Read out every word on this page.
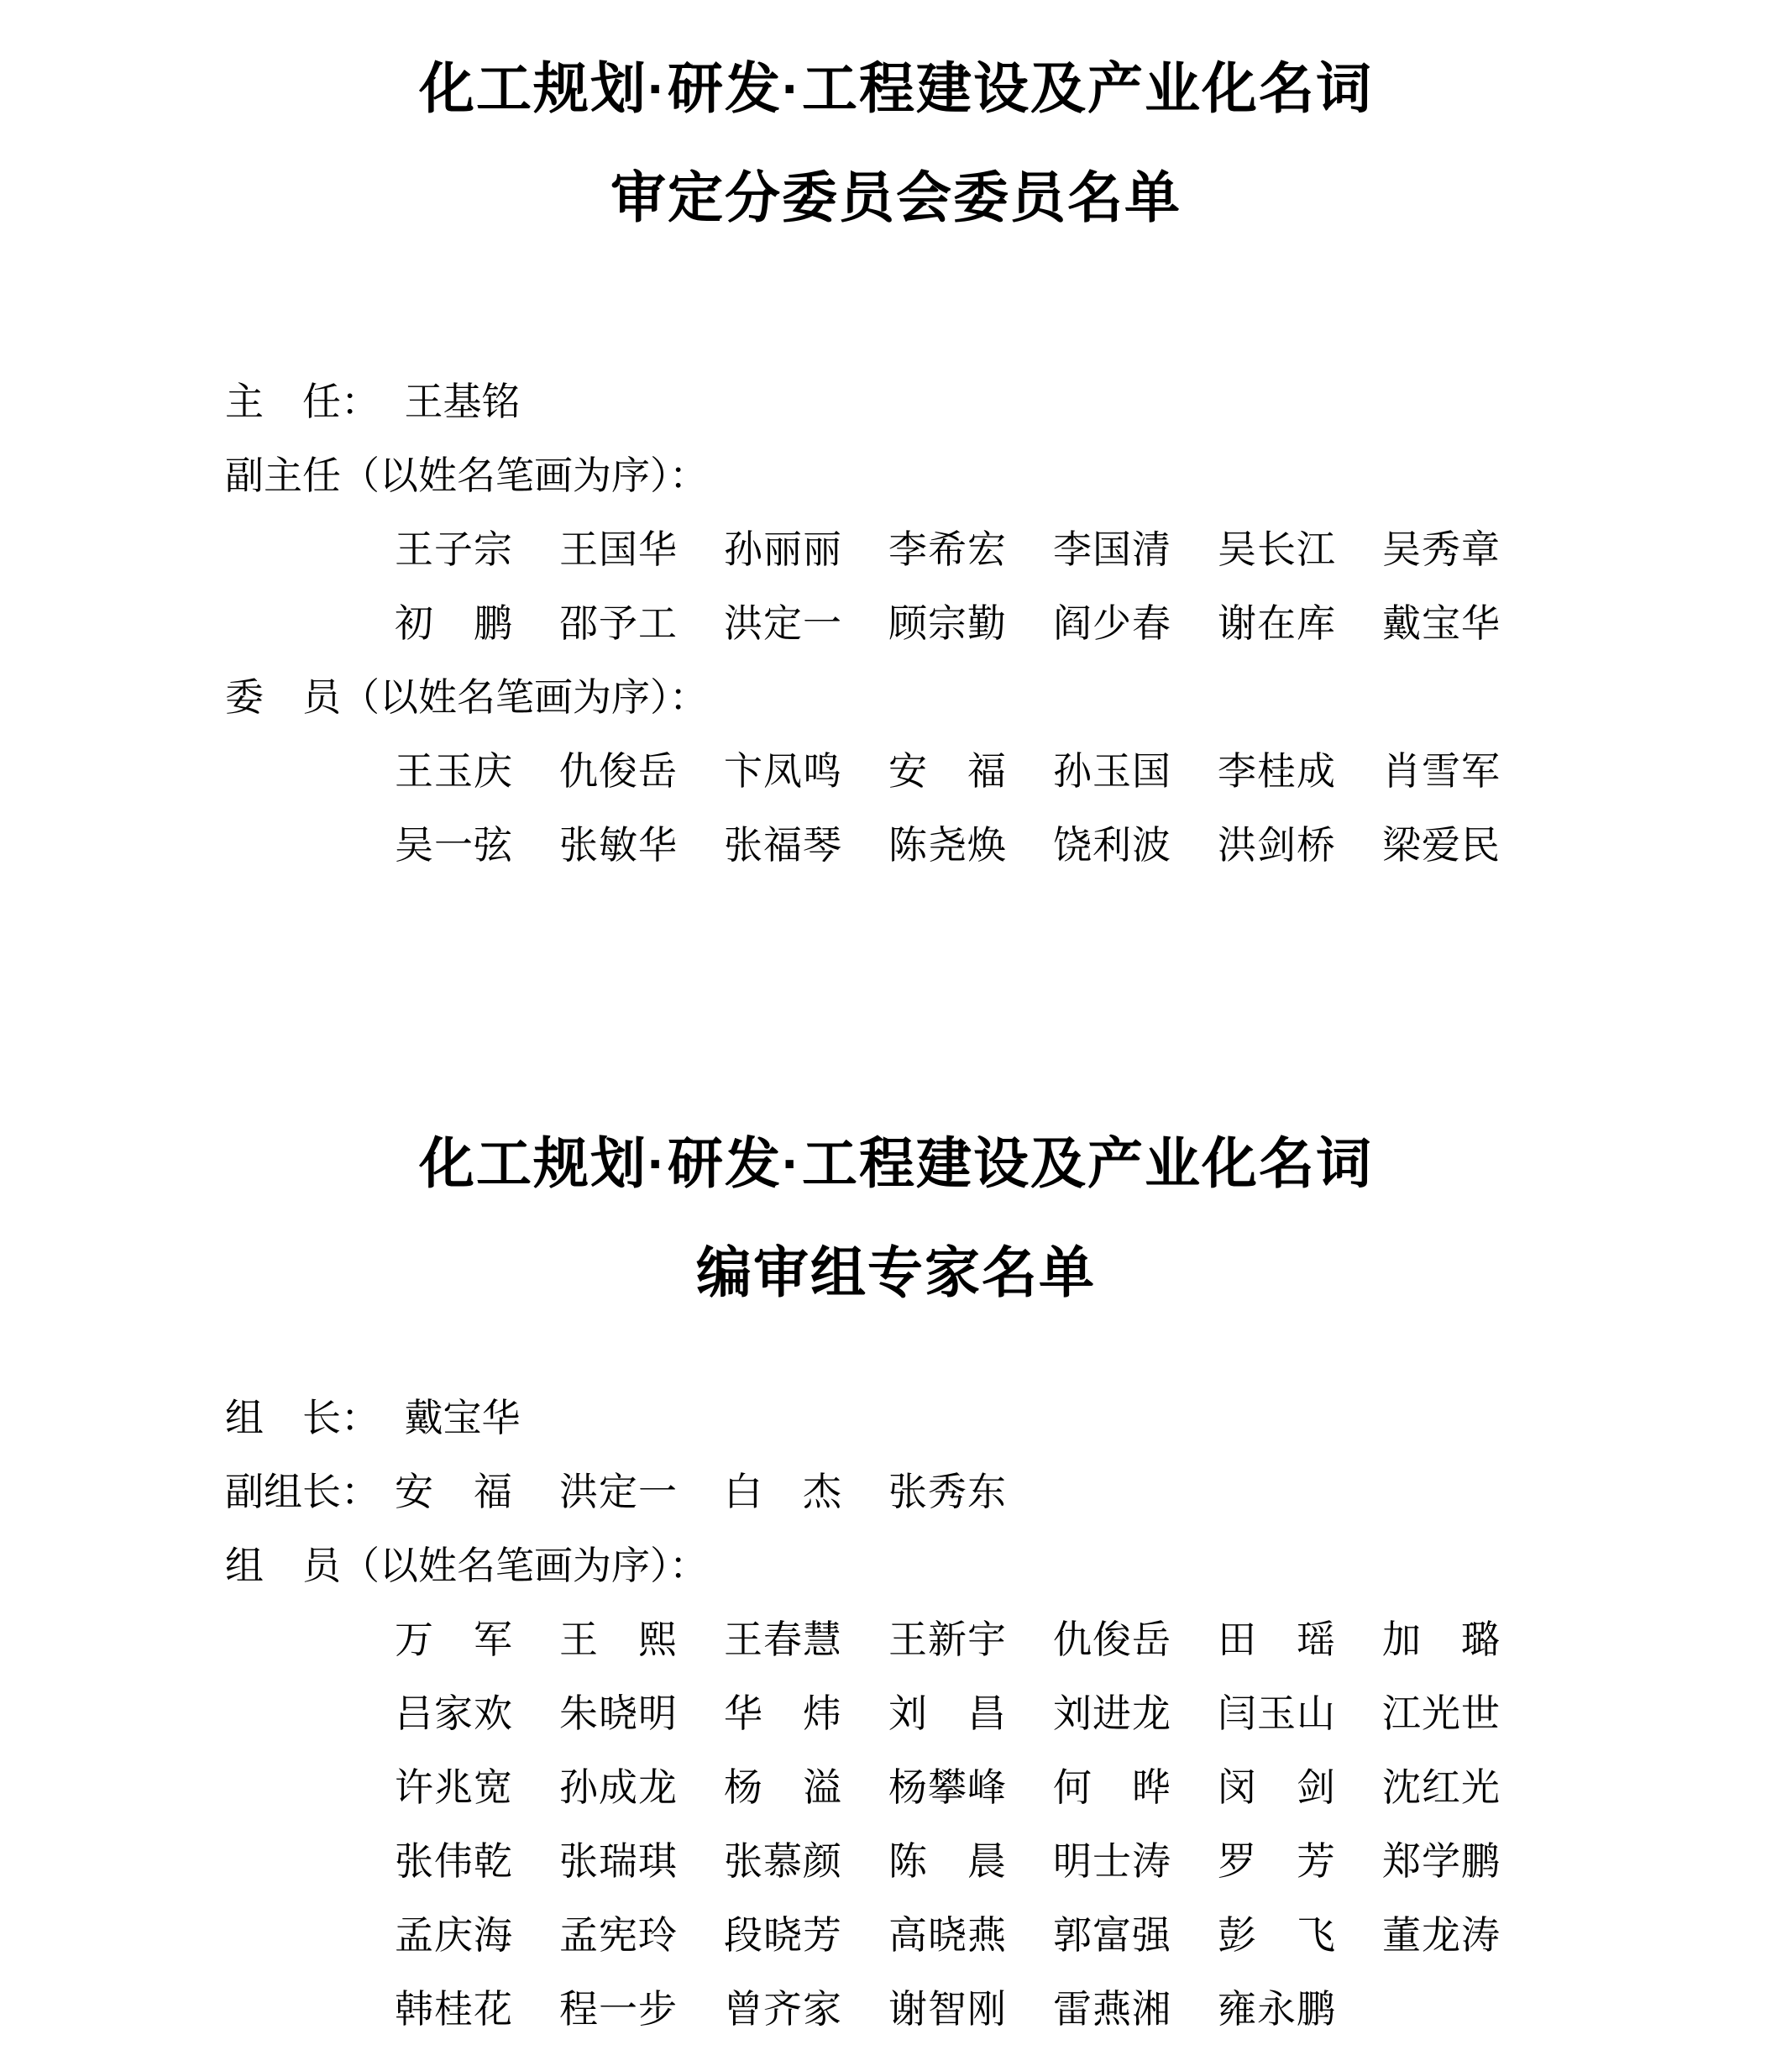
化工规划·研发·工程建设及产业化名词
审定分委员会委员名单
主　任： 王基铭
副主任（以姓名笔画为序）：
王子宗 王国华 孙丽丽 李希宏 李国清 吴长江 吴秀章
初　鹏 邵予工 洪定一 顾宗勤 阎少春 谢在库 戴宝华
委　员（以姓名笔画为序）：
王玉庆 仇俊岳 卞凤鸣 安　福 孙玉国 李桂成 肖雪军
吴一弦 张敏华 张福琴 陈尧焕 饶利波 洪剑桥 梁爱民
化工规划·研发·工程建设及产业化名词
编审组专家名单
组　长： 戴宝华
副组长： 安　福 洪定一 白　杰 张秀东
组　员（以姓名笔画为序）：
万　军 王　熙 王春慧 王新宇 仇俊岳 田　瑶 加　璐
吕家欢 朱晓明 华　炜 刘　昌 刘进龙 闫玉山 江光世
许兆宽 孙成龙 杨　溢 杨攀峰 何　晔 闵　剑 沈红光
张伟乾 张瑞琪 张慕颜 陈　晨 明士涛 罗　芳 郑学鹏
孟庆海 孟宪玲 段晓芳 高晓燕 郭富强 彭　飞 董龙涛
韩桂花 程一步 曾齐家 谢智刚 雷燕湘 雍永鹏
